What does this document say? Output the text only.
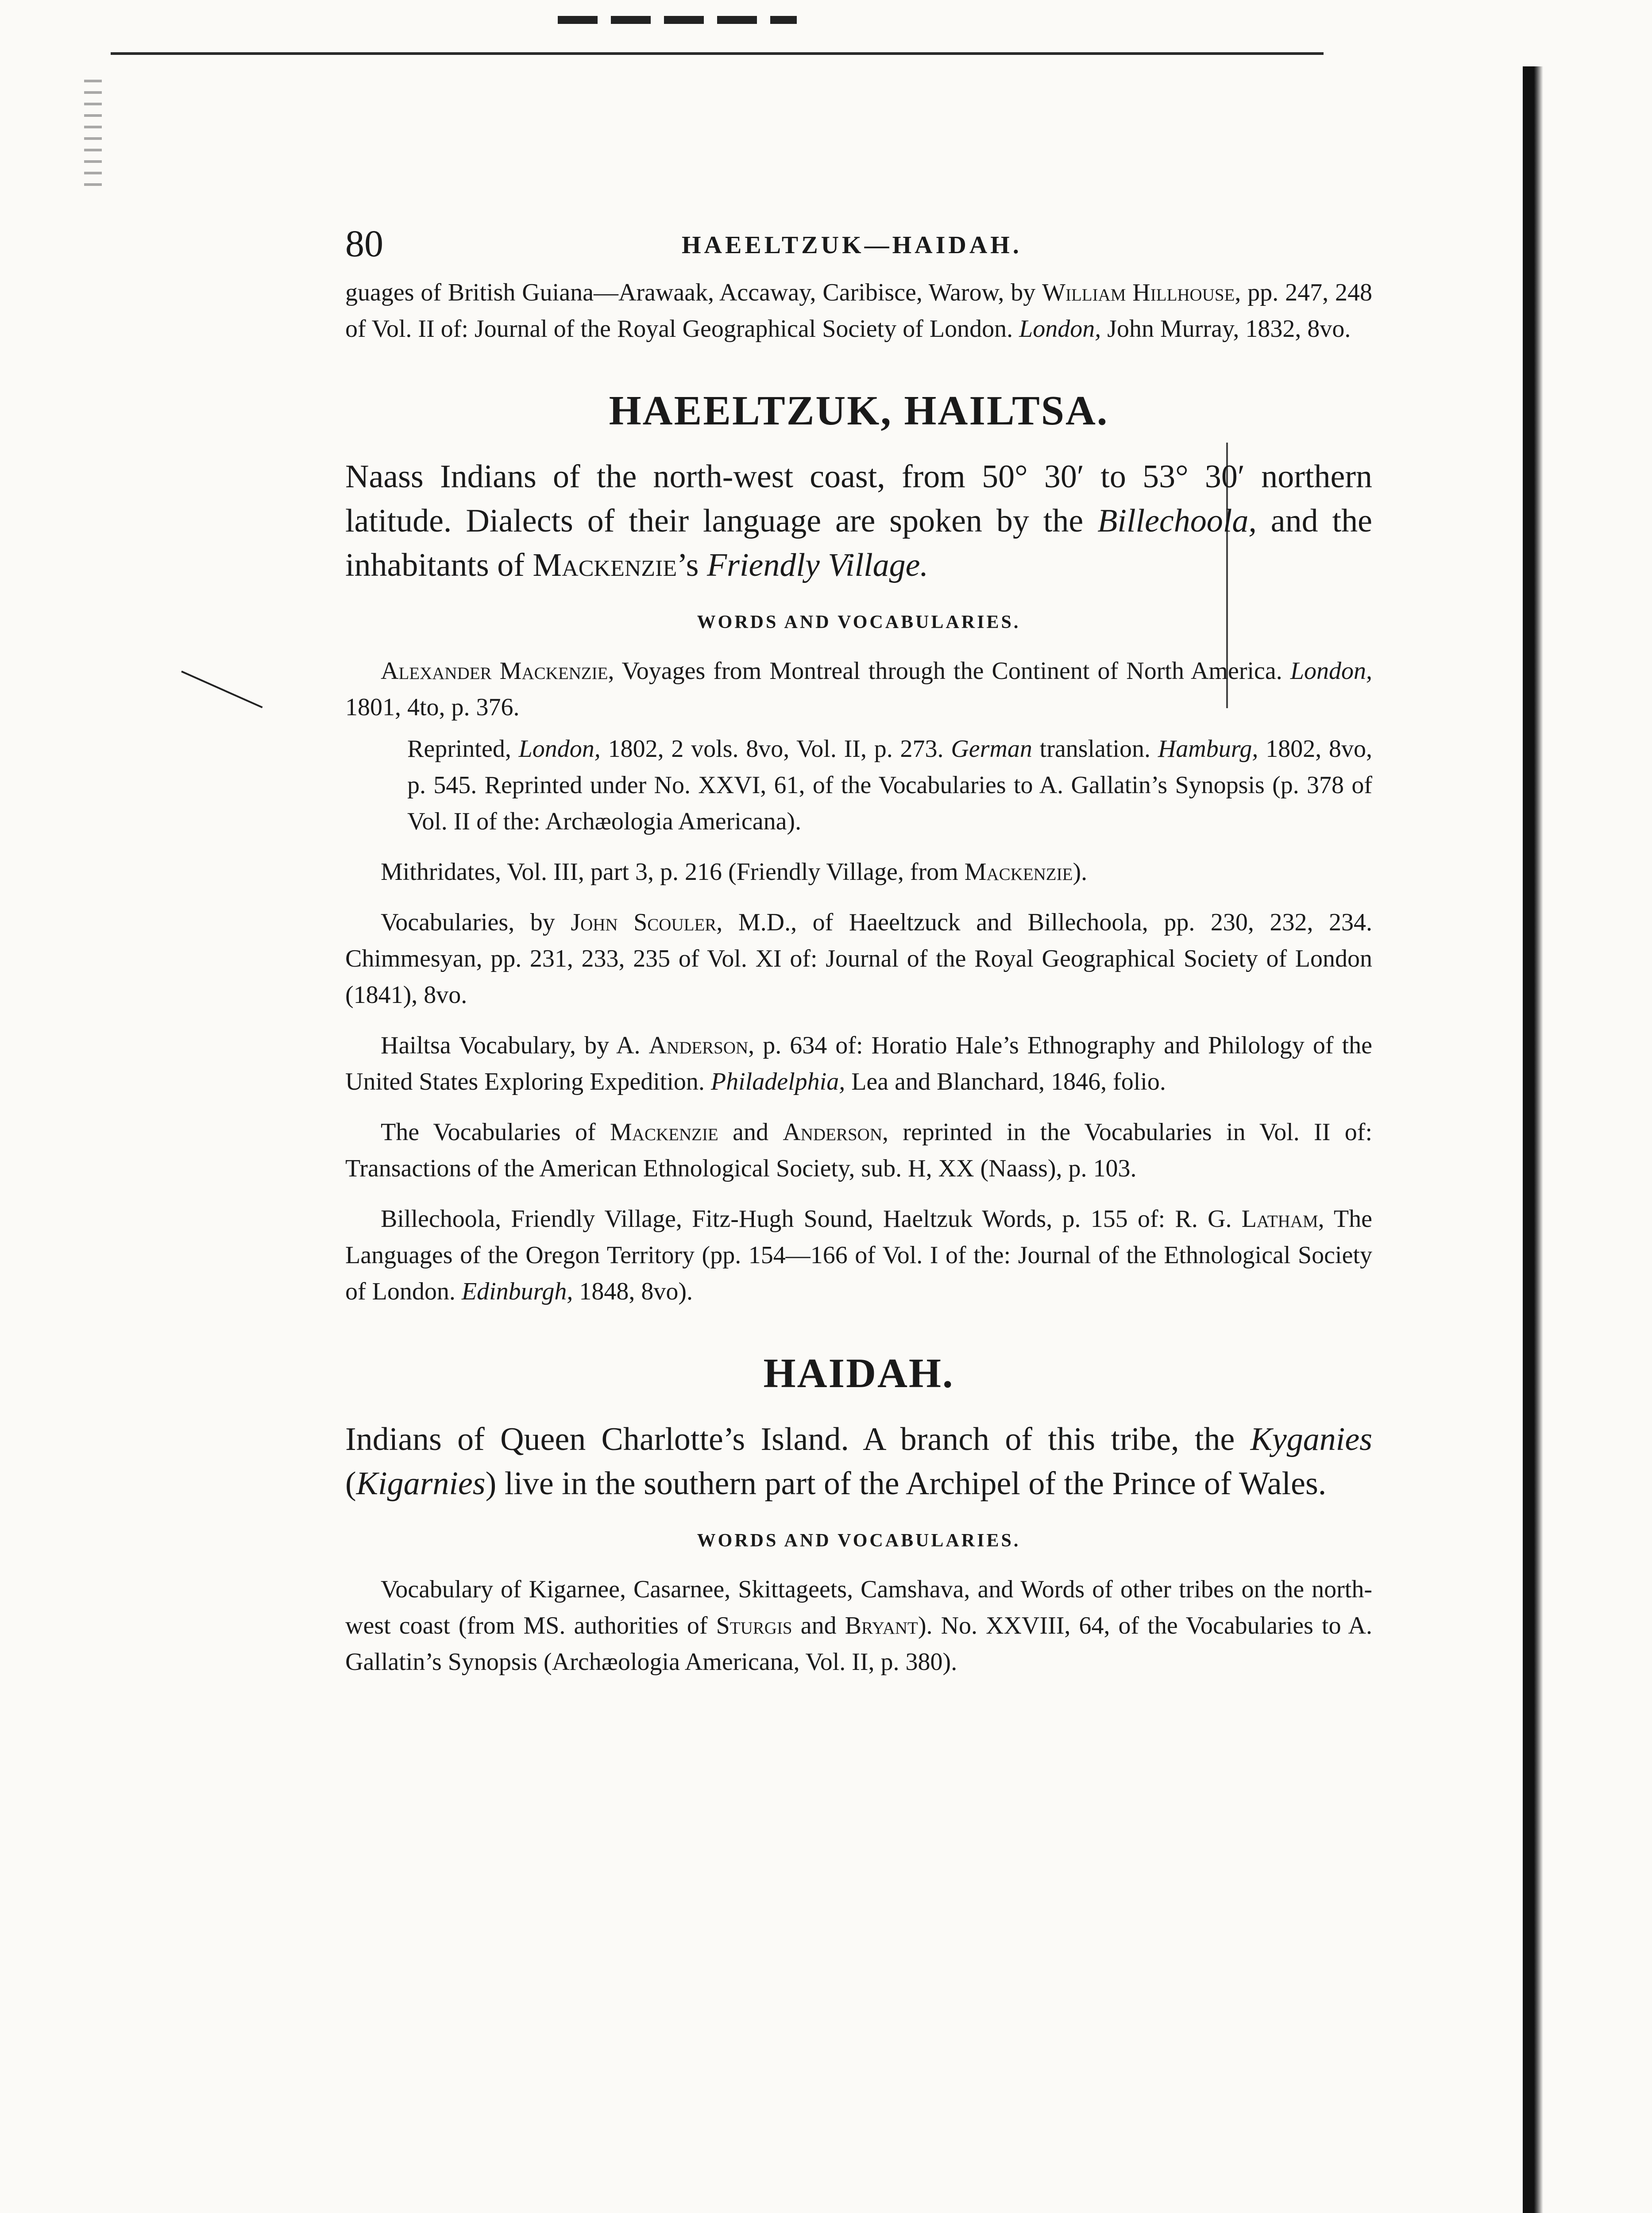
80	HAEELTZUK—HAIDAH.

guages of British Guiana—Arawaak, Accaway, Caribisce, Warow, by William Hillhouse, pp. 247, 248 of Vol. II of: Journal of the Royal Geographical Society of London. London, John Murray, 1832, 8vo.

HAEELTZUK, HAILTSA.

Naass Indians of the north-west coast, from 50° 30′ to 53° 30′ northern latitude. Dialects of their language are spoken by the Billechoola, and the inhabitants of Mackenzie’s Friendly Village.

WORDS AND VOCABULARIES.

Alexander Mackenzie, Voyages from Montreal through the Continent of North America. London, 1801, 4to, p. 376.

Reprinted, London, 1802, 2 vols. 8vo, Vol. II, p. 273. German translation. Hamburg, 1802, 8vo, p. 545. Reprinted under No. XXVI, 61, of the Vocabularies to A. Gallatin’s Synopsis (p. 378 of Vol. II of the: Archæologia Americana).

Mithridates, Vol. III, part 3, p. 216 (Friendly Village, from Mackenzie).

Vocabularies, by John Scouler, M.D., of Haeeltzuck and Billechoola, pp. 230, 232, 234. Chimmesyan, pp. 231, 233, 235 of Vol. XI of: Journal of the Royal Geographical Society of London (1841), 8vo.

Hailtsa Vocabulary, by A. Anderson, p. 634 of: Horatio Hale’s Ethnography and Philology of the United States Exploring Expedition. Philadelphia, Lea and Blanchard, 1846, folio.

The Vocabularies of Mackenzie and Anderson, reprinted in the Vocabularies in Vol. II of: Transactions of the American Ethnological Society, sub. H, XX (Naass), p. 103.

Billechoola, Friendly Village, Fitz-Hugh Sound, Haeltzuk Words, p. 155 of: R. G. Latham, The Languages of the Oregon Territory (pp. 154—166 of Vol. I of the: Journal of the Ethnological Society of London. Edinburgh, 1848, 8vo).

HAIDAH.

Indians of Queen Charlotte’s Island. A branch of this tribe, the Kyganies (Kigarnies) live in the southern part of the Archipel of the Prince of Wales.

WORDS AND VOCABULARIES.

Vocabulary of Kigarnee, Casarnee, Skittageets, Camshava, and Words of other tribes on the north-west coast (from MS. authorities of Sturgis and Bryant). No. XXVIII, 64, of the Vocabularies to A. Gallatin’s Synopsis (Archæologia Americana, Vol. II, p. 380).
